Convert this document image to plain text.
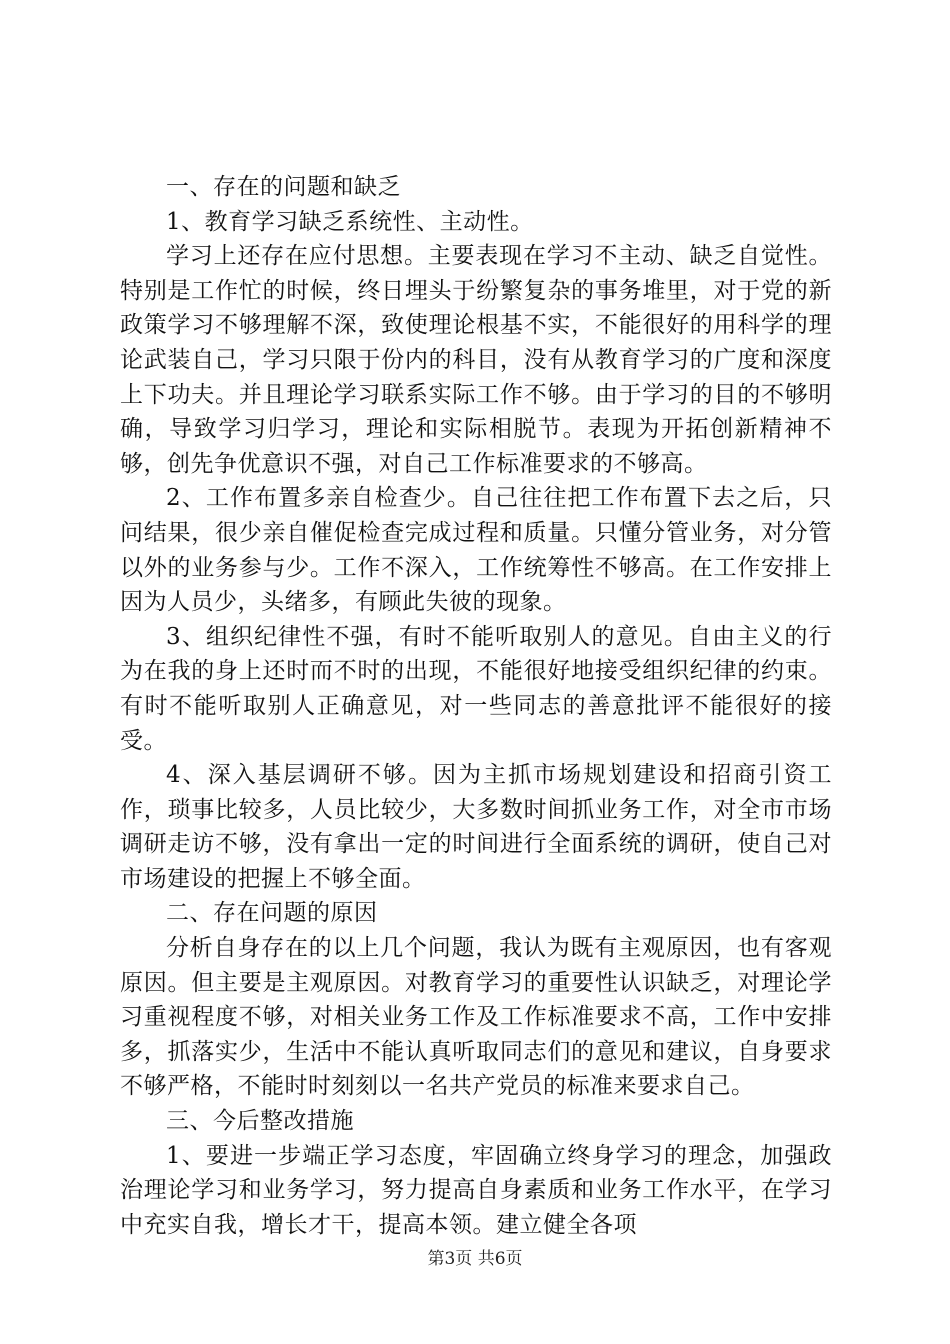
一、存在的问题和缺乏

1、教育学习缺乏系统性、主动性。

学习上还存在应付思想。主要表现在学习不主动、缺乏自觉性。特别是工作忙的时候，终日埋头于纷繁复杂的事务堆里，对于党的新政策学习不够理解不深，致使理论根基不实，不能很好的用科学的理论武装自己，学习只限于份内的科目，没有从教育学习的广度和深度上下功夫。并且理论学习联系实际工作不够。由于学习的目的不够明确，导致学习归学习，理论和实际相脱节。表现为开拓创新精神不够，创先争优意识不强，对自己工作标准要求的不够高。

2、工作布置多亲自检查少。自己往往把工作布置下去之后，只问结果，很少亲自催促检查完成过程和质量。只懂分管业务，对分管以外的业务参与少。工作不深入，工作统筹性不够高。在工作安排上因为人员少，头绪多，有顾此失彼的现象。

3、组织纪律性不强，有时不能听取别人的意见。自由主义的行为在我的身上还时而不时的出现，不能很好地接受组织纪律的约束。有时不能听取别人正确意见，对一些同志的善意批评不能很好的接受。

4、深入基层调研不够。因为主抓市场规划建设和招商引资工作，琐事比较多，人员比较少，大多数时间抓业务工作，对全市市场调研走访不够，没有拿出一定的时间进行全面系统的调研，使自己对市场建设的把握上不够全面。

二、存在问题的原因

分析自身存在的以上几个问题，我认为既有主观原因，也有客观原因。但主要是主观原因。对教育学习的重要性认识缺乏，对理论学习重视程度不够，对相关业务工作及工作标准要求不高，工作中安排多，抓落实少，生活中不能认真听取同志们的意见和建议，自身要求不够严格，不能时时刻刻以一名共产党员的标准来要求自己。

三、今后整改措施

1、要进一步端正学习态度，牢固确立终身学习的理念，加强政治理论学习和业务学习，努力提高自身素质和业务工作水平，在学习中充实自我，增长才干，提高本领。建立健全各项

第3页 共6页
